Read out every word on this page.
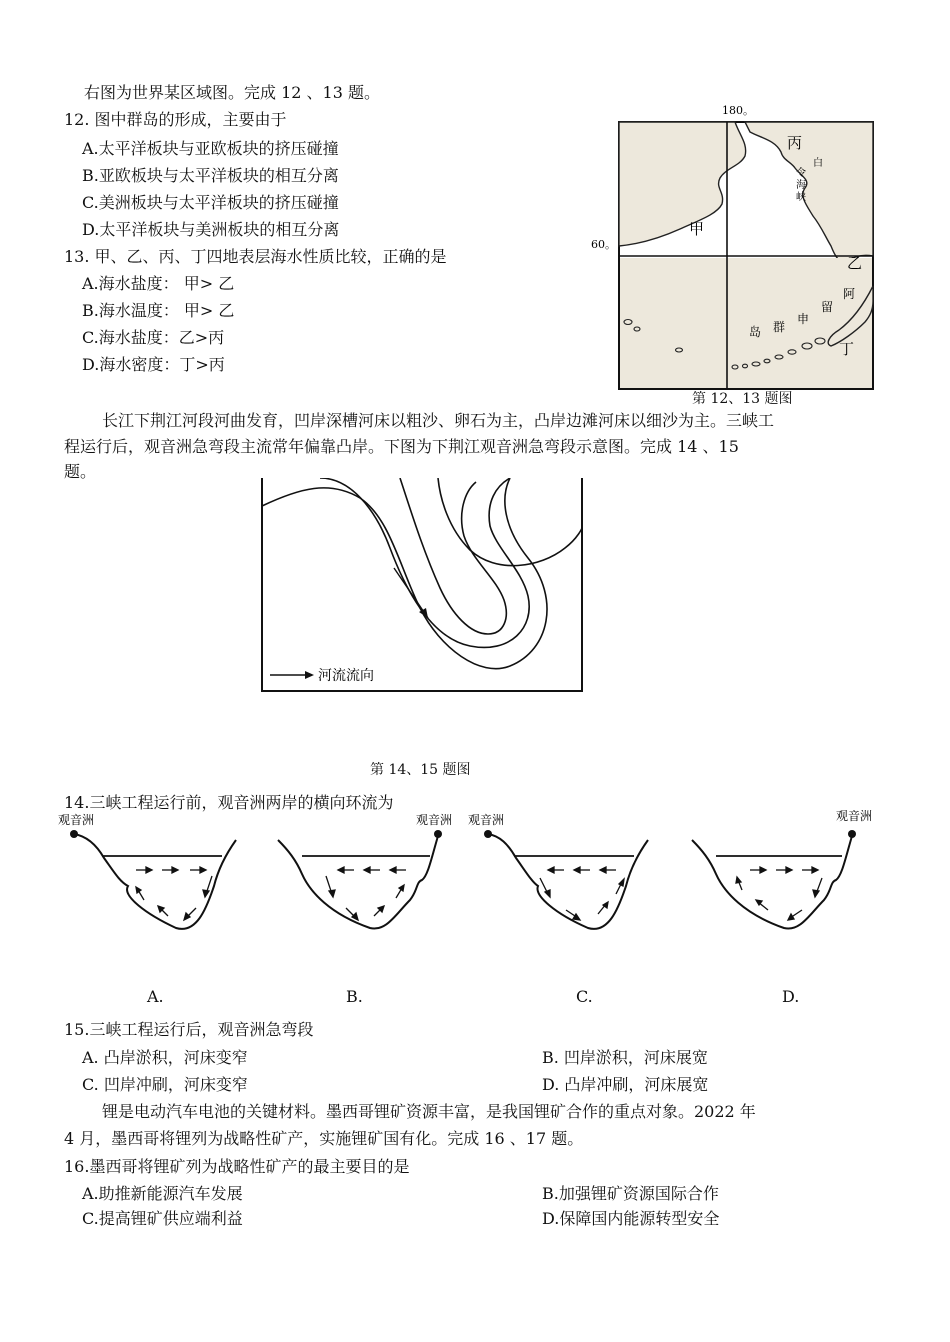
右图为世界某区域图。完成 12 、13 题。
12. 图中群岛的形成，主要由于
A.太平洋板块与亚欧板块的挤压碰撞
B.亚欧板块与太平洋板块的相互分离
C.美洲板块与太平洋板块的挤压碰撞
D.太平洋板块与美洲板块的相互分离
13. 甲、乙、丙、丁四地表层海水性质比较，正确的是
A.海水盐度： 甲> 乙
B.海水温度： 甲> 乙
C.海水盐度：乙>丙
D.海水密度：丁>丙
180。
60。
丙
甲
乙
丁
白
令
海
峡
阿
留
申
群
岛
第 12、13 题图
长江下荆江河段河曲发育，凹岸深槽河床以粗沙、卵石为主，凸岸边滩河床以细沙为主。三峡工
程运行后，观音洲急弯段主流常年偏靠凸岸。下图为下荆江观音洲急弯段示意图。完成 14 、15
题。
河流流向
第 14、15 题图
14.三峡工程运行前，观音洲两岸的横向环流为
观音洲	观音洲 观音洲	观音洲
A.	B.	C.	D.
15.三峡工程运行后，观音洲急弯段
A. 凸岸淤积，河床变窄	B. 凹岸淤积，河床展宽
C. 凹岸冲刷，河床变窄	D. 凸岸冲刷，河床展宽
锂是电动汽车电池的关键材料。墨西哥锂矿资源丰富，是我国锂矿合作的重点对象。2022 年
4 月，墨西哥将锂列为战略性矿产，实施锂矿国有化。完成 16 、17 题。
16.墨西哥将锂矿列为战略性矿产的最主要目的是
A.助推新能源汽车发展	B.加强锂矿资源国际合作
C.提高锂矿供应端利益	D.保障国内能源转型安全
